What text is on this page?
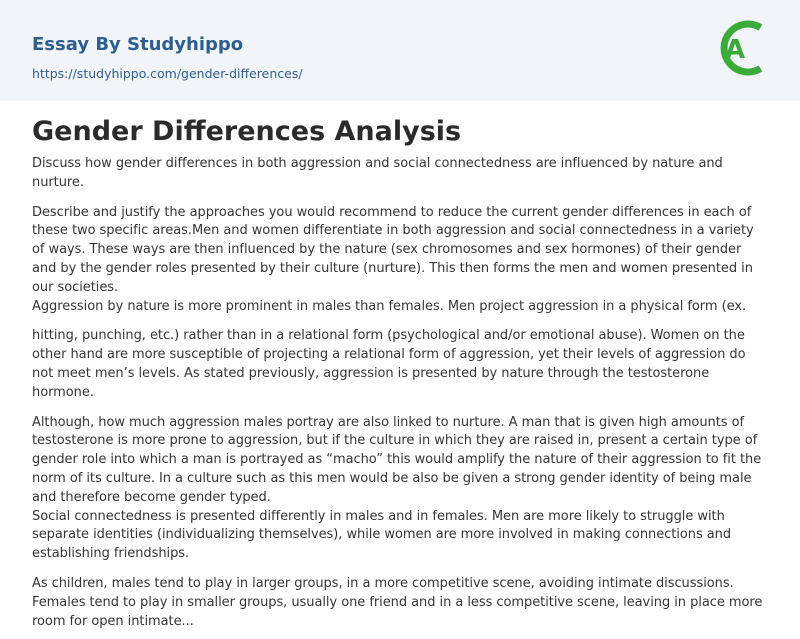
Essay By Studyhippo
https://studyhippo.com/gender-differences/
A
Gender Differences Analysis

Discuss how gender differences in both aggression and social connectedness are influenced by nature and nurture.

Describe and justify the approaches you would recommend to reduce the current gender differences in each of these two specific areas.Men and women differentiate in both aggression and social connectedness in a variety of ways. These ways are then influenced by the nature (sex chromosomes and sex hormones) of their gender and by the gender roles presented by their culture (nurture). This then forms the men and women presented in our societies.
Aggression by nature is more prominent in males than females. Men project aggression in a physical form (ex.

hitting, punching, etc.) rather than in a relational form (psychological and/or emotional abuse). Women on the other hand are more susceptible of projecting a relational form of aggression, yet their levels of aggression do not meet men’s levels. As stated previously, aggression is presented by nature through the testosterone hormone.

Although, how much aggression males portray are also linked to nurture. A man that is given high amounts of testosterone is more prone to aggression, but if the culture in which they are raised in, present a certain type of gender role into which a man is portrayed as “macho” this would amplify the nature of their aggression to fit the norm of its culture. In a culture such as this men would be also be given a strong gender identity of being male and therefore become gender typed.
Social connectedness is presented differently in males and in females. Men are more likely to struggle with separate identities (individualizing themselves), while women are more involved in making connections and establishing friendships.

As children, males tend to play in larger groups, in a more competitive scene, avoiding intimate discussions. Females tend to play in smaller groups, usually one friend and in a less competitive scene, leaving in place more room for open intimate...
